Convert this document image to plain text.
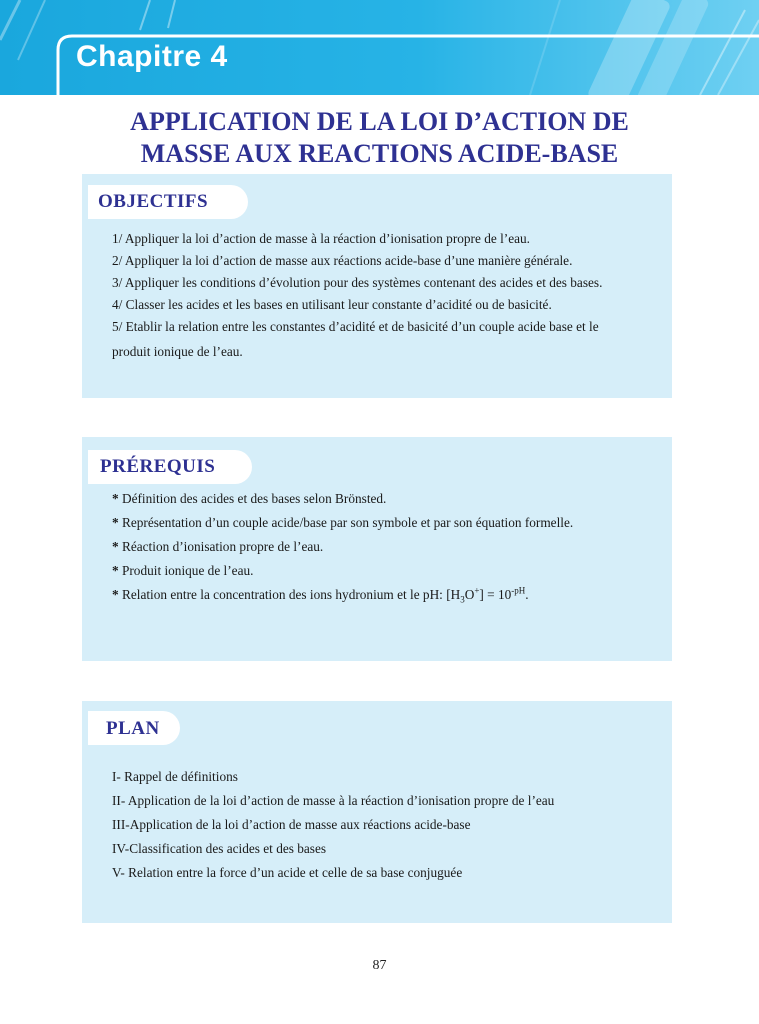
Chapitre 4
APPLICATION DE LA LOI D’ACTION DE
MASSE AUX REACTIONS ACIDE-BASE
OBJECTIFS
1/ Appliquer la loi d’action de masse à la réaction d’ionisation propre de l’eau.
2/ Appliquer la loi d’action de masse aux réactions acide-base d’une manière générale.
3/ Appliquer les conditions d’évolution pour des systèmes contenant des acides et des bases.
4/ Classer les acides et les bases en utilisant leur constante d’acidité ou de basicité.
5/ Etablir la relation entre les constantes d’acidité et de basicité d’un couple acide base et le
produit ionique de l’eau.
PRÉREQUIS
* Définition des acides et des bases selon Brönsted.
* Représentation d’un couple acide/base par son symbole et par son équation formelle.
* Réaction d’ionisation propre de l’eau.
* Produit ionique de l’eau.
* Relation entre la concentration des ions hydronium et le pH: $[H_3O^+] = 10^{-pH}$.
PLAN
I- Rappel de définitions
II- Application de la loi d’action de masse à la réaction d’ionisation propre de l’eau
III-Application de la loi d’action de masse aux réactions acide-base
IV-Classification des acides et des bases
V- Relation entre la force d’un acide et celle de sa base conjuguée
87
